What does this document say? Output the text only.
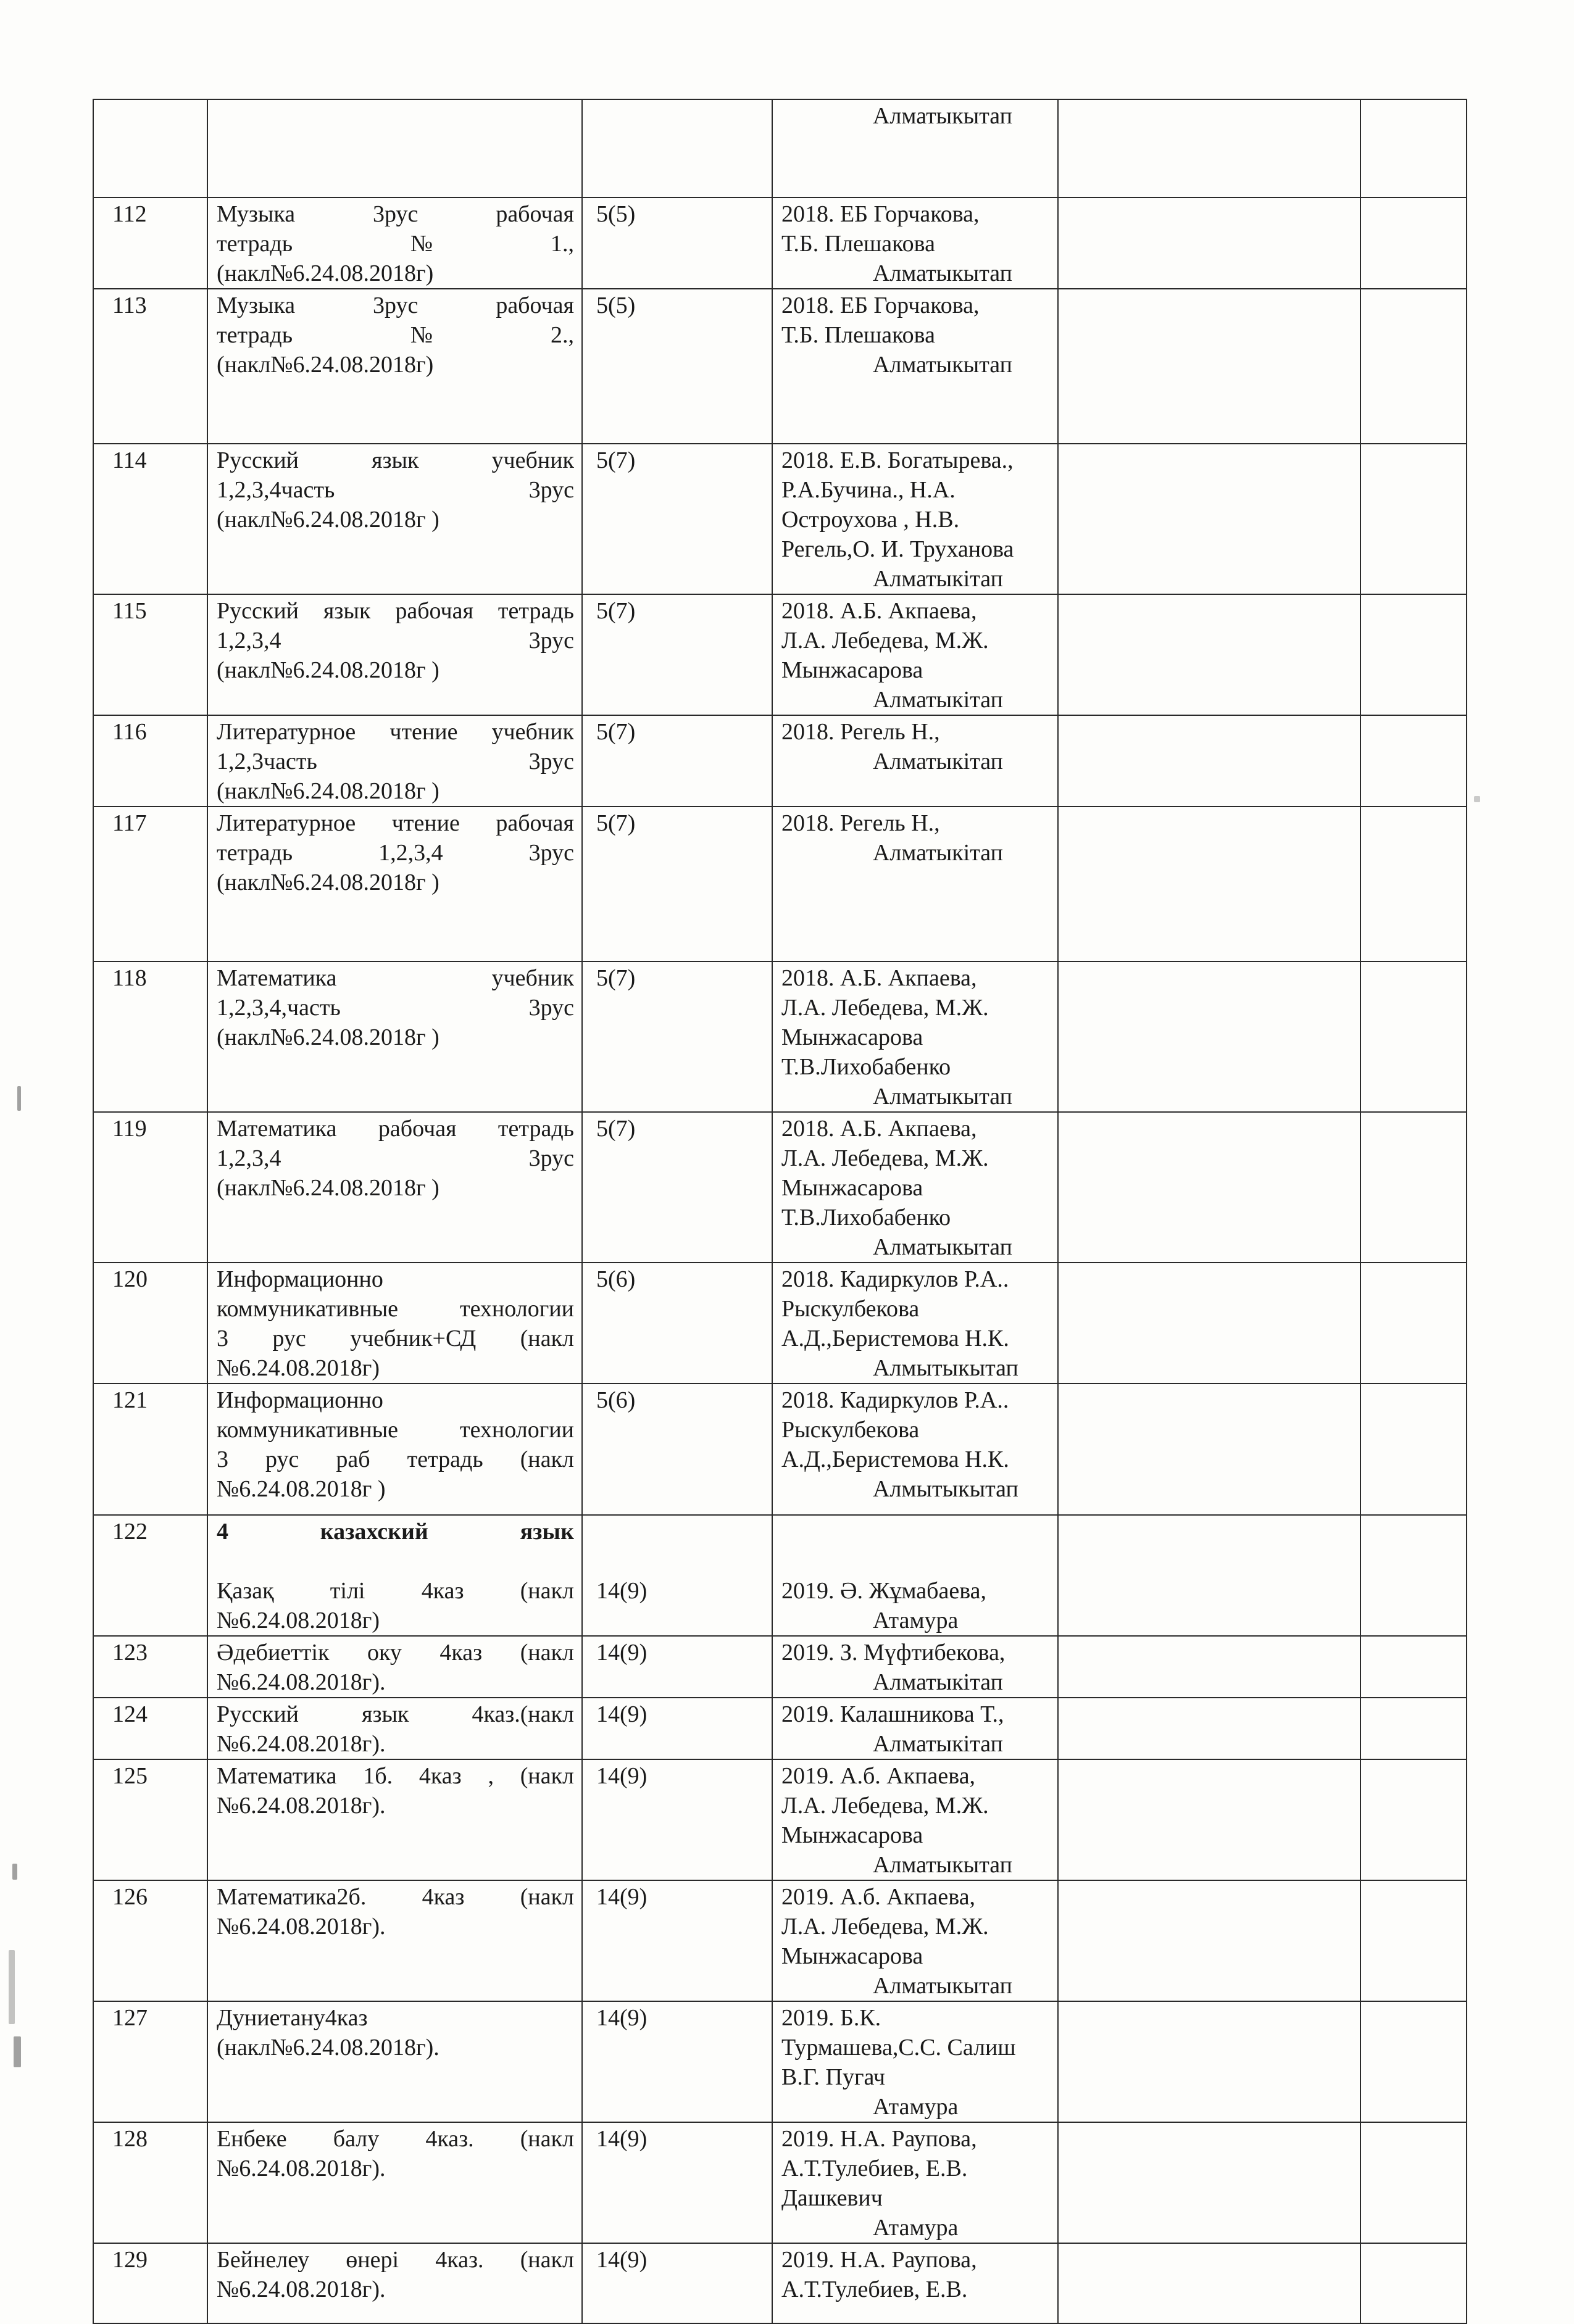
			Алматыкытап		

112	Музыка 3рус рабочая
тетрадь№1.,
(накл№6.24.08.2018г)	5(5)	2018. ЕБ Горчакова,
Т.Б. Плешакова
Алматыкытап		

113	Музыка 3рус рабочая
тетрадь№2.,
(накл№6.24.08.2018г)	5(5)	2018. ЕБ Горчакова,
Т.Б. Плешакова
Алматыкытап		

114	Русский язык учебник
1,2,3,4часть 3рус
(накл№6.24.08.2018г )	5(7)	2018. Е.В. Богатырева.,
Р.А.Бучина., Н.А.
Остроухова , Н.В.
Регель,О. И. Труханова
Алматыкітап		

115	Русский язык рабочая тетрадь
1,2,3,4 3рус
(накл№6.24.08.2018г )	5(7)	2018. А.Б. Акпаева,
Л.А. Лебедева, М.Ж.
Мынжасарова
Алматыкітап		

116	Литературное чтение учебник
1,2,3часть 3рус
(накл№6.24.08.2018г )	5(7)	2018. Регель Н.,
Алматыкітап		

117	Литературное чтение рабочая
тетрадь 1,2,3,4 3рус
(накл№6.24.08.2018г )	5(7)	2018. Регель Н.,
Алматыкітап		

118	Математика учебник
1,2,3,4,часть 3рус
(накл№6.24.08.2018г )	5(7)	2018. А.Б. Акпаева,
Л.А. Лебедева, М.Ж.
Мынжасарова
Т.В.Лихобабенко
Алматыкытап		

119	Математика рабочая тетрадь
1,2,3,4 3рус
(накл№6.24.08.2018г )	5(7)	2018. А.Б. Акпаева,
Л.А. Лебедева, М.Ж.
Мынжасарова
Т.В.Лихобабенко
Алматыкытап		

120	Информационно
коммуникативные технологии
3 рус учебник+СД (накл
№6.24.08.2018г)	5(6)	2018. Кадиркулов Р.А..
Рыскулбекова
А.Д.,Беристемова Н.К.
Алмытыкытап		

121	Информационно
коммуникативные технологии
3 рус раб тетрадь (накл
№6.24.08.2018г )	5(6)	2018. Кадиркулов Р.А..
Рыскулбекова
А.Д.,Беристемова Н.К.
Алмытыкытап		

122	4 казахский язык
Қазақ тілі 4каз (накл
№6.24.08.2018г)	14(9)	2019. Ә. Жұмабаева,
Атамура		

123	Әдебиеттік оку 4каз (накл
№6.24.08.2018г).	14(9)	2019. З. Мүфтибекова,
Алматыкітап		

124	Русский язык 4каз.(накл
№6.24.08.2018г).	14(9)	2019. Калашникова Т.,
Алматыкітап		

125	Математика 1б. 4каз , (накл
№6.24.08.2018г).	14(9)	2019. А.б. Акпаева,
Л.А. Лебедева, М.Ж.
Мынжасарова
Алматыкытап		

126	Математика2б. 4каз (накл
№6.24.08.2018г).	14(9)	2019. А.б. Акпаева,
Л.А. Лебедева, М.Ж.
Мынжасарова
Алматыкытап		

127	Дуниетану4каз
(накл№6.24.08.2018г).	14(9)	2019. Б.К.
Турмашева,С.С. Салиш
В.Г. Пугач
Атамура		

128	Енбеке балу 4каз. (накл
№6.24.08.2018г).	14(9)	2019. Н.А. Раупова,
А.Т.Тулебиев, Е.В.
Дашкевич
Атамура		

129	Бейнелеу өнері 4каз. (накл
№6.24.08.2018г).	14(9)	2019. Н.А. Раупова,
А.Т.Тулебиев, Е.В.		
